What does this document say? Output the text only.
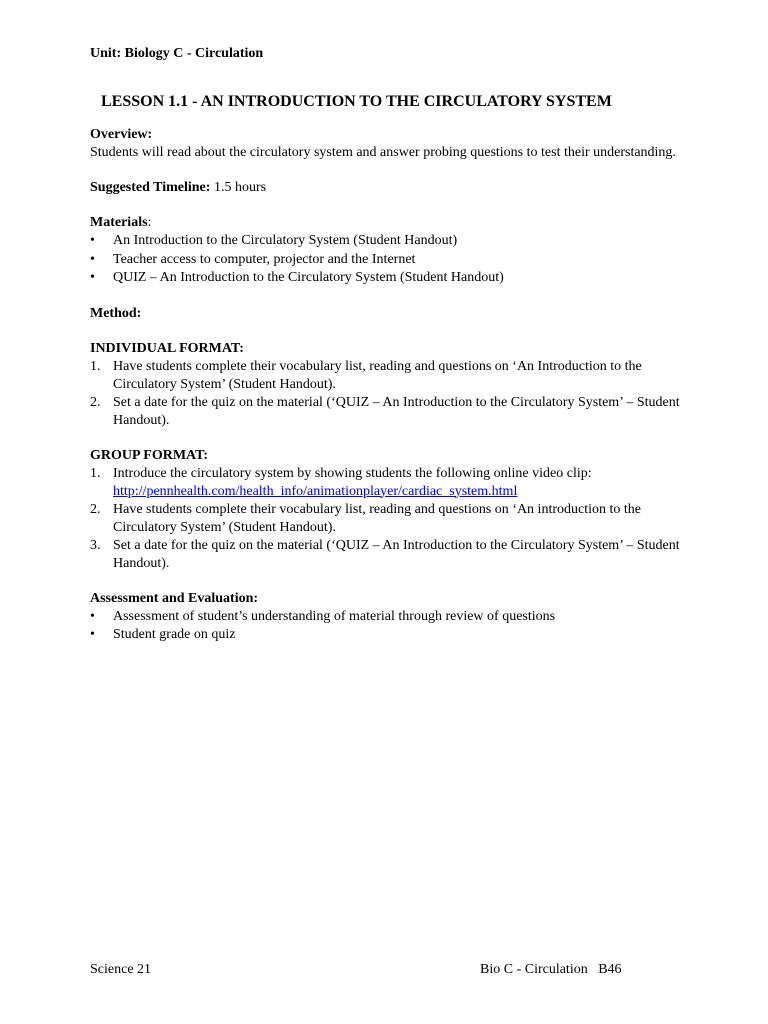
Unit: Biology C - Circulation

LESSON 1.1 - AN INTRODUCTION TO THE CIRCULATORY SYSTEM

Overview:

Students will read about the circulatory system and answer probing questions to test their understanding.

Suggested Timeline: 1.5 hours

Materials:

• An Introduction to the Circulatory System (Student Handout)
• Teacher access to computer, projector and the Internet
• QUIZ – An Introduction to the Circulatory System (Student Handout)

Method:

INDIVIDUAL FORMAT:

1. Have students complete their vocabulary list, reading and questions on ‘An Introduction to the Circulatory System’ (Student Handout).
2. Set a date for the quiz on the material (‘QUIZ – An Introduction to the Circulatory System’ – Student Handout).

GROUP FORMAT:

1. Introduce the circulatory system by showing students the following online video clip:
http://pennhealth.com/health_info/animationplayer/cardiac_system.html
2. Have students complete their vocabulary list, reading and questions on ‘An introduction to the Circulatory System’ (Student Handout).
3. Set a date for the quiz on the material (‘QUIZ – An Introduction to the Circulatory System’ – Student Handout).

Assessment and Evaluation:

• Assessment of student’s understanding of material through review of questions
• Student grade on quiz
Science 21	Bio C - Circulation   B46
